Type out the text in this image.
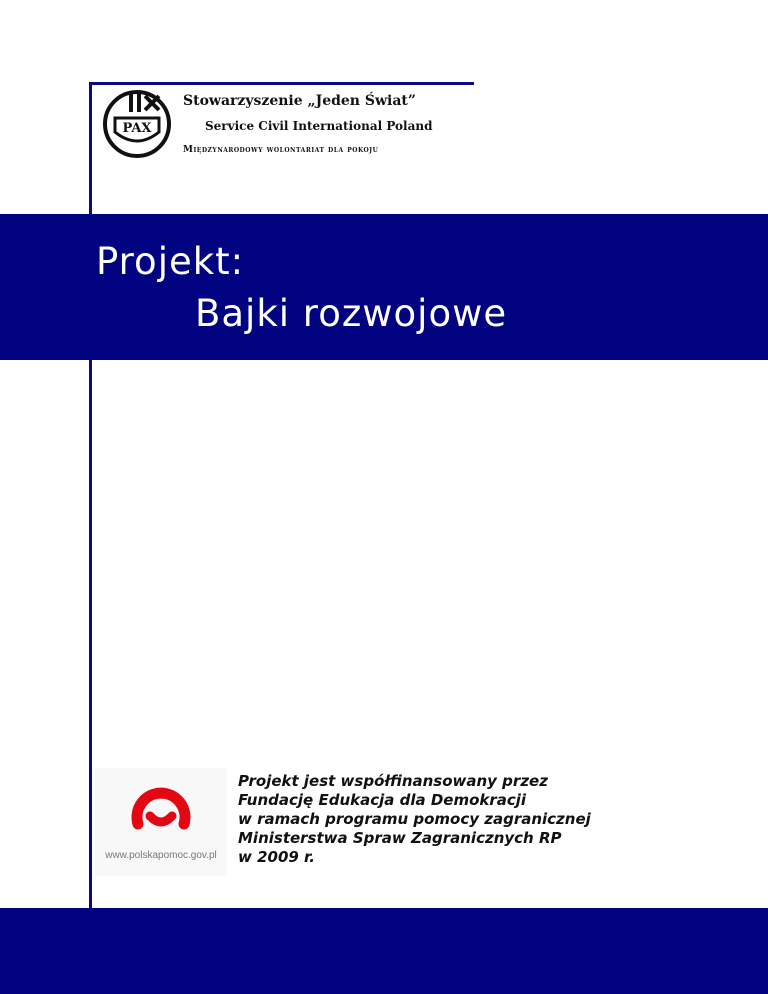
PAX
Stowarzyszenie „Jeden Świat”
Service Civil International Poland
Międzynarodowy wolontariat dla pokoju
Projekt:
Bajki rozwojowe
www.polskapomoc.gov.pl
Projekt jest współfinansowany przez
Fundację Edukacja dla Demokracji
w ramach programu pomocy zagranicznej
Ministerstwa Spraw Zagranicznych RP
w 2009 r.
